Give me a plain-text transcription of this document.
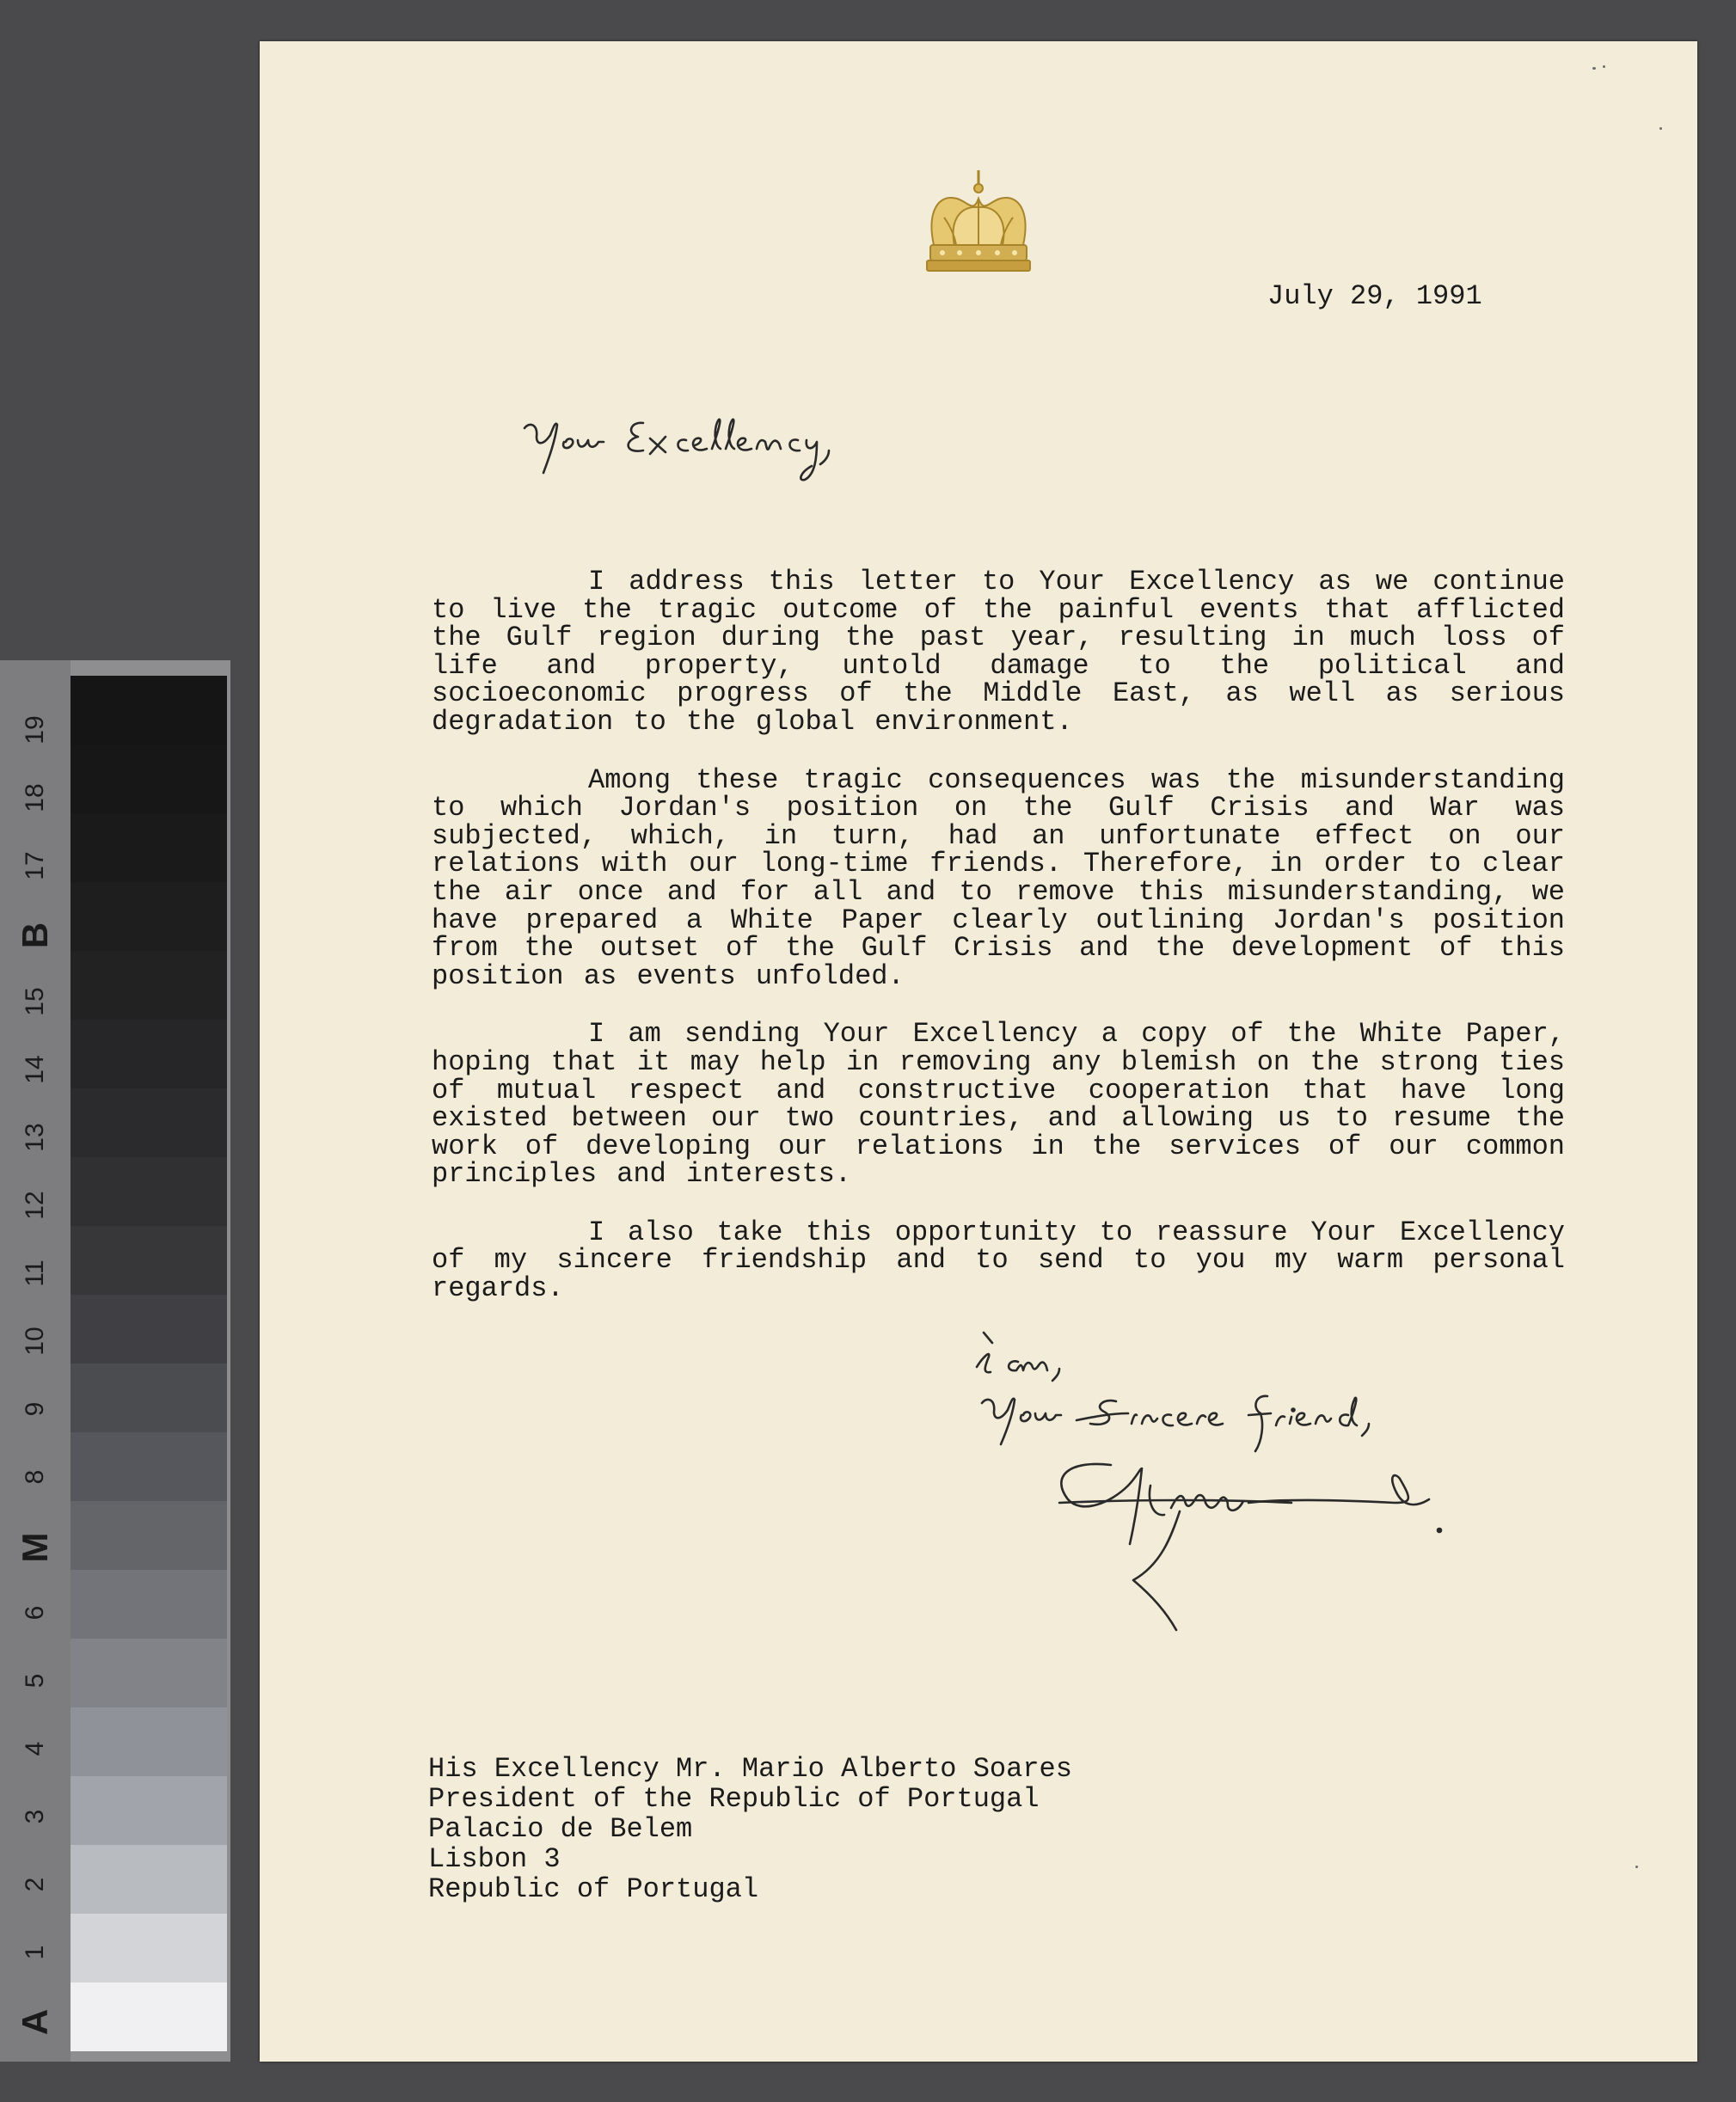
A
1
2
3
4
5
6
M
8
9
10
11
12
13
14
15
B
17
18
19
July 29, 1991

I address this letter to Your Excellency as we continue to live the tragic outcome of the painful events that afflicted the Gulf region during the past year, resulting in much loss of life and property, untold damage to the political and socioeconomic progress of the Middle East, as well as serious degradation to the global environment.

Among these tragic consequences was the misunderstanding to which Jordan's position on the Gulf Crisis and War was subjected, which, in turn, had an unfortunate effect on our relations with our long-time friends. Therefore, in order to clear the air once and for all and to remove this misunderstanding, we have prepared a White Paper clearly outlining Jordan's position from the outset of the Gulf Crisis and the development of this position as events unfolded.

I am sending Your Excellency a copy of the White Paper, hoping that it may help in removing any blemish on the strong ties of mutual respect and constructive cooperation that have long existed between our two countries, and allowing us to resume the work of developing our relations in the services of our common principles and interests.

I also take this opportunity to reassure Your Excellency of my sincere friendship and to send to you my warm personal regards.

His Excellency Mr. Mario Alberto Soares
President of the Republic of Portugal
Palacio de Belem
Lisbon 3
Republic of Portugal
